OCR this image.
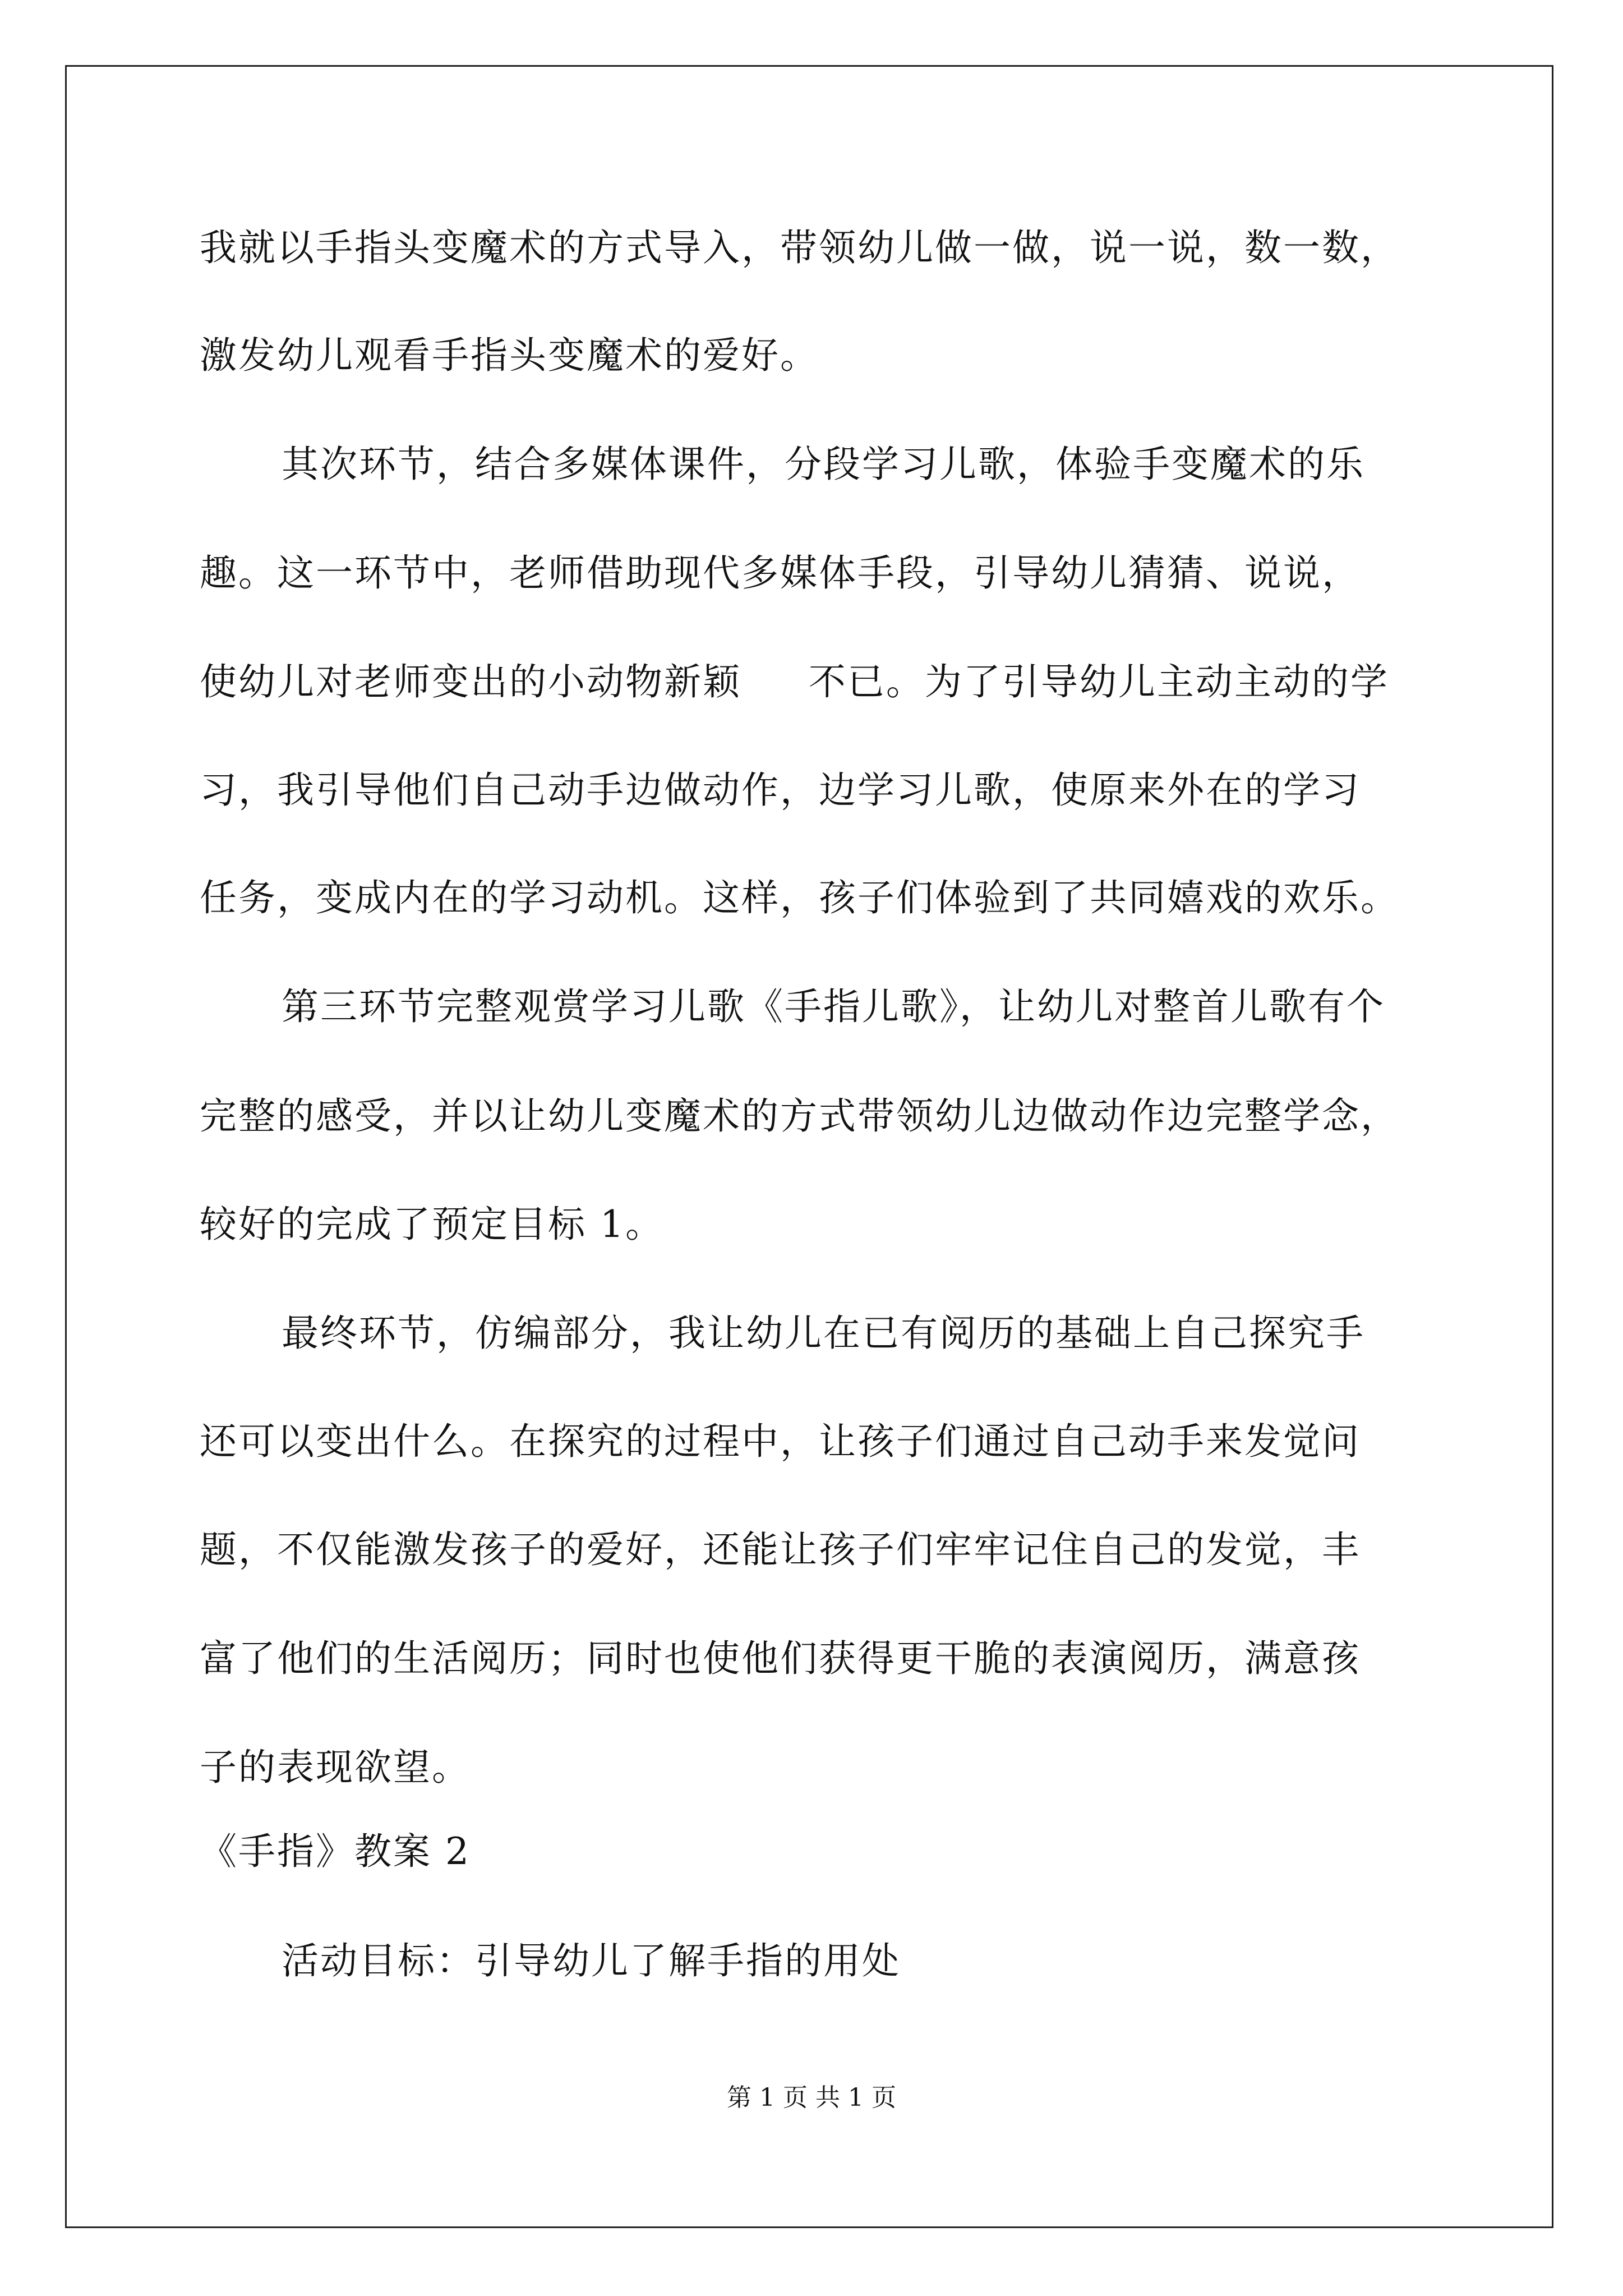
我就以手指头变魔术的方式导入，带领幼儿做一做，说一说，数一数，
激发幼儿观看手指头变魔术的爱好。
其次环节，结合多媒体课件，分段学习儿歌，体验手变魔术的乐
趣。这一环节中，老师借助现代多媒体手段，引导幼儿猜猜、说说，
使幼儿对老师变出的小动物新颖     不已。为了引导幼儿主动主动的学
习，我引导他们自己动手边做动作，边学习儿歌，使原来外在的学习
任务，变成内在的学习动机。这样，孩子们体验到了共同嬉戏的欢乐。
第三环节完整观赏学习儿歌《手指儿歌》，让幼儿对整首儿歌有个
完整的感受，并以让幼儿变魔术的方式带领幼儿边做动作边完整学念，
较好的完成了预定目标 1。
最终环节，仿编部分，我让幼儿在已有阅历的基础上自己探究手
还可以变出什么。在探究的过程中，让孩子们通过自己动手来发觉问
题，不仅能激发孩子的爱好，还能让孩子们牢牢记住自己的发觉，丰
富了他们的生活阅历；同时也使他们获得更干脆的表演阅历，满意孩
子的表现欲望。
《手指》教案 2
活动目标：引导幼儿了解手指的用处
第 1 页 共 1 页
